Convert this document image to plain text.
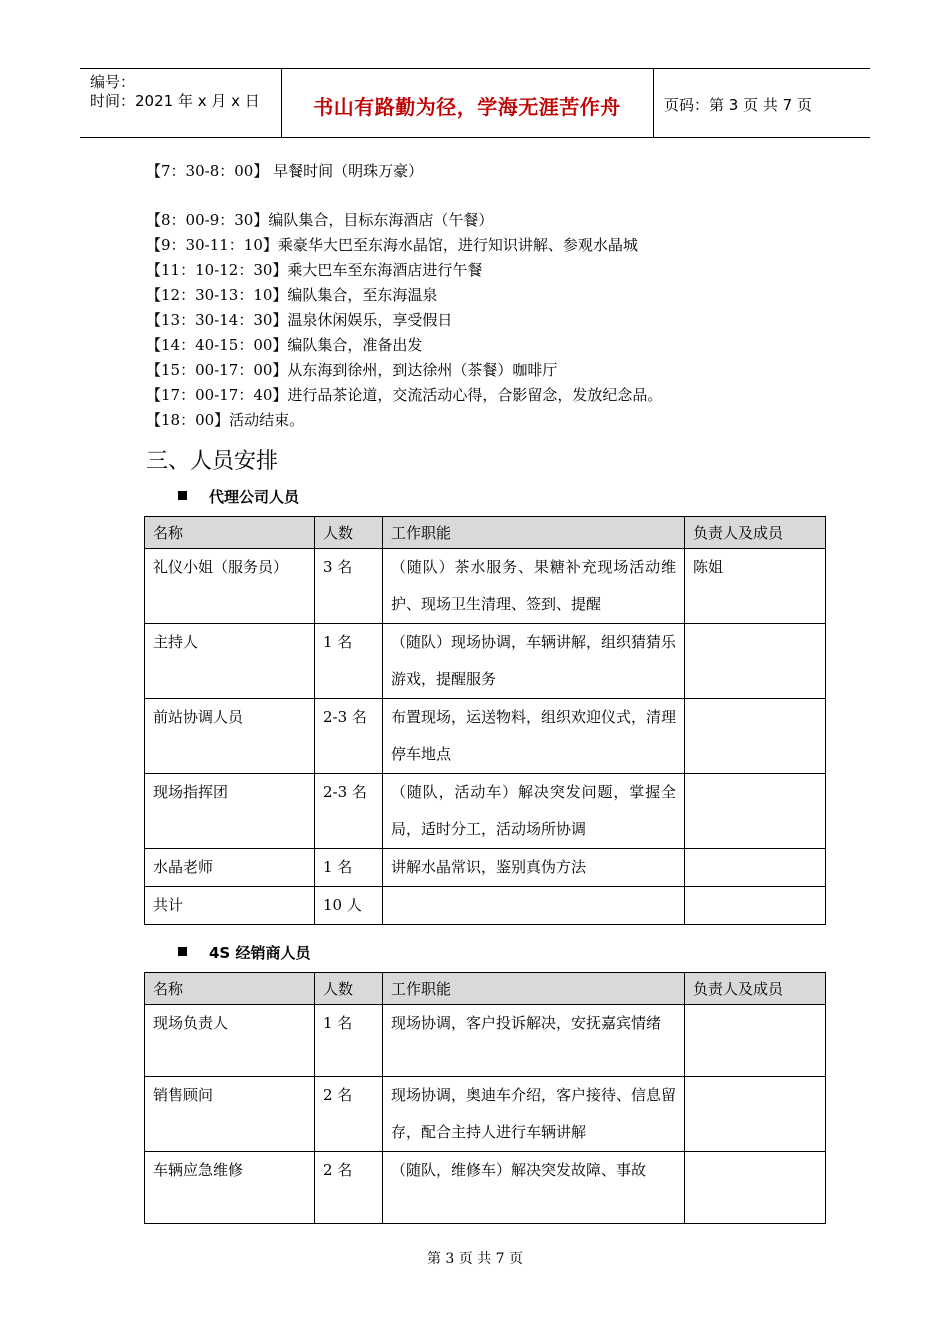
编号：
时间：2021 年 x 月 x 日	书山有路勤为径，学海无涯苦作舟	页码：第 3 页 共 7 页
【7：30-8：00】 早餐时间（明珠万豪）
【8：00-9：30】编队集合，目标东海酒店（午餐）
【9：30-11：10】乘豪华大巴至东海水晶馆，进行知识讲解、参观水晶城
【11：10-12：30】乘大巴车至东海酒店进行午餐
【12：30-13：10】编队集合，至东海温泉
【13：30-14：30】温泉休闲娱乐，享受假日
【14：40-15：00】编队集合，准备出发
【15：00-17：00】从东海到徐州，到达徐州（茶餐）咖啡厅
【17：00-17：40】进行品茶论道，交流活动心得，合影留念，发放纪念品。
【18：00】活动结束。
三、人员安排
代理公司人员
名称	人数	工作职能	负责人及成员
礼仪小姐（服务员）	3 名	（随队）茶水服务、果糖补充现场活动维护、现场卫生清理、签到、提醒	陈姐
主持人	1 名	（随队）现场协调，车辆讲解，组织猜猜乐游戏，提醒服务	
前站协调人员	2-3 名	布置现场，运送物料，组织欢迎仪式，清理停车地点	
现场指挥团	2-3 名	（随队，活动车）解决突发问题，掌握全局，适时分工，活动场所协调	
水晶老师	1 名	讲解水晶常识，鉴别真伪方法	
共计	10 人		
4S 经销商人员
名称	人数	工作职能	负责人及成员
现场负责人	1 名	现场协调，客户投诉解决，安抚嘉宾情绪	
销售顾问	2 名	现场协调，奥迪车介绍，客户接待、信息留存，配合主持人进行车辆讲解	
车辆应急维修	2 名	（随队，维修车）解决突发故障、事故	
第 3 页 共 7 页
